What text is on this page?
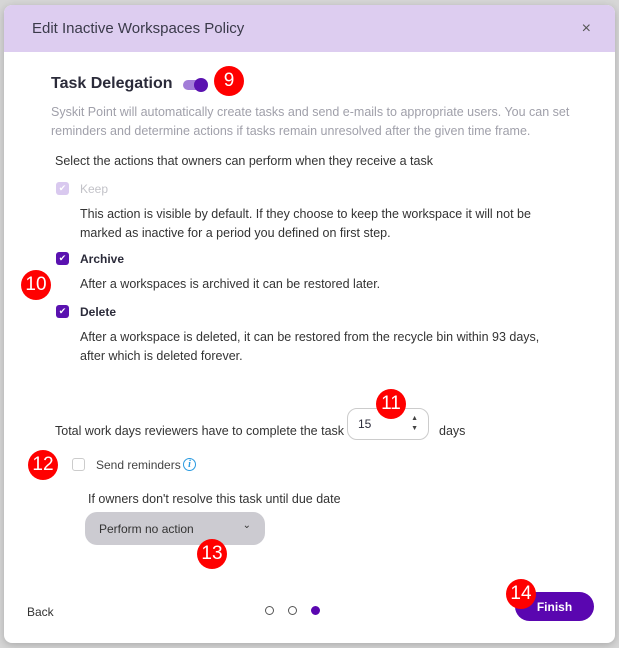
Edit Inactive Workspaces Policy	×
Task Delegation
Syskit Point will automatically create tasks and send e-mails to appropriate users. You can set reminders and determine actions if tasks remain unresolved after the given time frame.
Select the actions that owners can perform when they receive a task
✔ Keep
This action is visible by default. If they choose to keep the workspace it will not be marked as inactive for a period you defined on first step.
✔ Archive
After a workspaces is archived it can be restored later.
✔ Delete
After a workspace is deleted, it can be restored from the recycle bin within 93 days, after which is deleted forever.
Total work days reviewers have to complete the task	15	▲
▼ days
Send reminders i
If owners don't resolve this task until due date
Perform no action	⌄
Back	Finish
9
10
11
12
13
14
